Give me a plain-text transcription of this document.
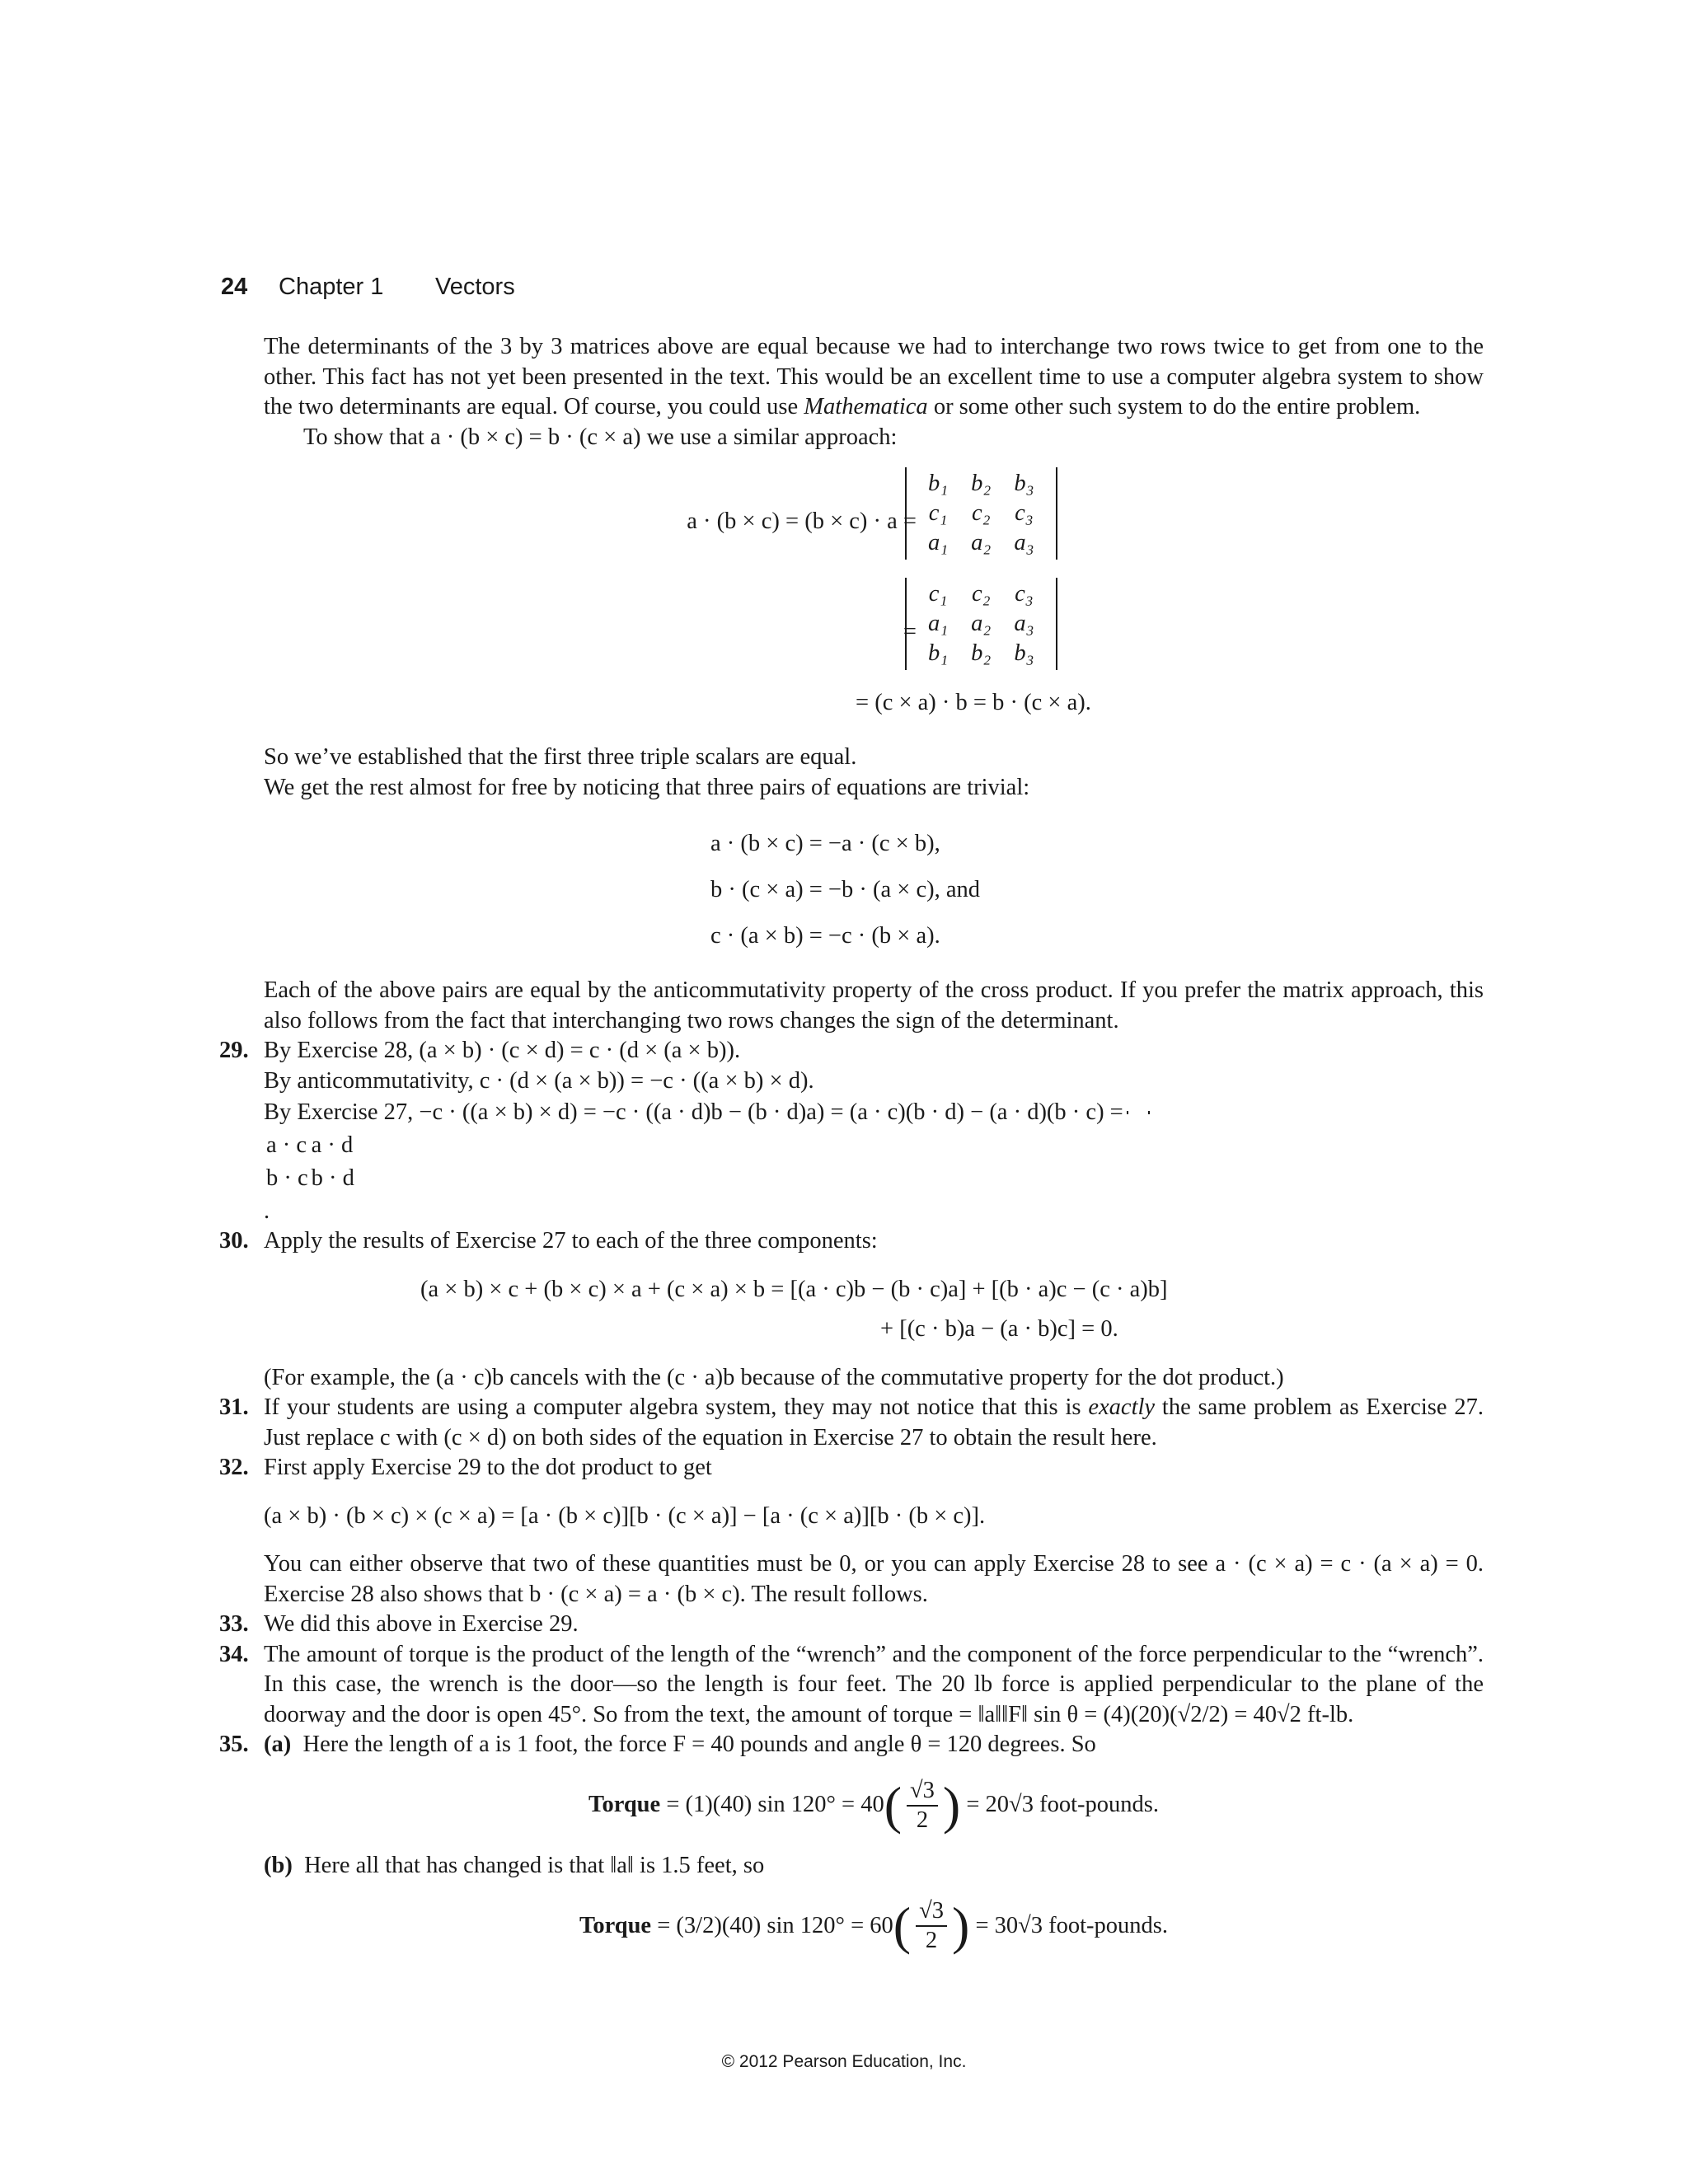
24 Chapter 1 Vectors

The determinants of the 3 by 3 matrices above are equal because we had to interchange two rows twice to get from one to the other. This fact has not yet been presented in the text. This would be an excellent time to use a computer algebra system to show the two determinants are equal. Of course, you could use Mathematica or some other such system to do the entire problem.

To show that a · (b × c) = b · (c × a) we use a similar approach:

a · (b × c) = (b × c) · a =
b₁	b₂	b₃
c₁	c₂	c₃
a₁	a₂	a₃
=
c₁	c₂	c₃
a₁	a₂	a₃
b₁	b₂	b₃
= (c × a) · b = b · (c × a).

So we’ve established that the first three triple scalars are equal.

We get the rest almost for free by noticing that three pairs of equations are trivial:

a · (b × c) = −a · (c × b),
b · (c × a) = −b · (a × c), and
c · (a × b) = −c · (b × a).

Each of the above pairs are equal by the anticommutativity property of the cross product. If you prefer the matrix approach, this also follows from the fact that interchanging two rows changes the sign of the determinant.

29. By Exercise 28, (a × b) · (c × d) = c · (d × (a × b)).

By anticommutativity, c · (d × (a × b)) = −c · ((a × b) × d).

By Exercise 27, −c · ((a × b) × d) = −c · ((a · d)b − (b · d)a) = (a · c)(b · d) − (a · d)(b · c) =

a · c	a · d
b · c	b · d
.

30. Apply the results of Exercise 27 to each of the three components:

(a × b) × c + (b × c) × a + (c × a) × b = [(a · c)b − (b · c)a] + [(b · a)c − (c · a)b]

+ [(c · b)a − (a · b)c] = 0.

(For example, the (a · c)b cancels with the (c · a)b because of the commutative property for the dot product.)

31. If your students are using a computer algebra system, they may not notice that this is exactly the same problem as Exercise 27. Just replace c with (c × d) on both sides of the equation in Exercise 27 to obtain the result here.

32. First apply Exercise 29 to the dot product to get

(a × b) · (b × c) × (c × a) = [a · (b × c)][b · (c × a)] − [a · (c × a)][b · (b × c)].

You can either observe that two of these quantities must be 0, or you can apply Exercise 28 to see a · (c × a) = c · (a × a) = 0. Exercise 28 also shows that b · (c × a) = a · (b × c). The result follows.

33. We did this above in Exercise 29.

34. The amount of torque is the product of the length of the “wrench” and the component of the force perpendicular to the “wrench”. In this case, the wrench is the door—so the length is four feet. The 20 lb force is applied perpendicular to the plane of the doorway and the door is open 45°. So from the text, the amount of torque = ‖a‖‖F‖ sin θ = (4)(20)(√2/2) = 40√2 ft-lb.

35. (a) Here the length of a is 1 foot, the force F = 40 pounds and angle θ = 120 degrees. So

Torque
= (1)(40) sin 120° = 40 ( $\frac{√3}{2}$ )
= 20√3 foot-pounds.

(b) Here all that has changed is that ‖a‖ is 1.5 feet, so

Torque
= (3/2)(40) sin 120° = 60 ( $\frac{√3}{2}$ )
= 30√3 foot-pounds.

© 2012 Pearson Education, Inc.
